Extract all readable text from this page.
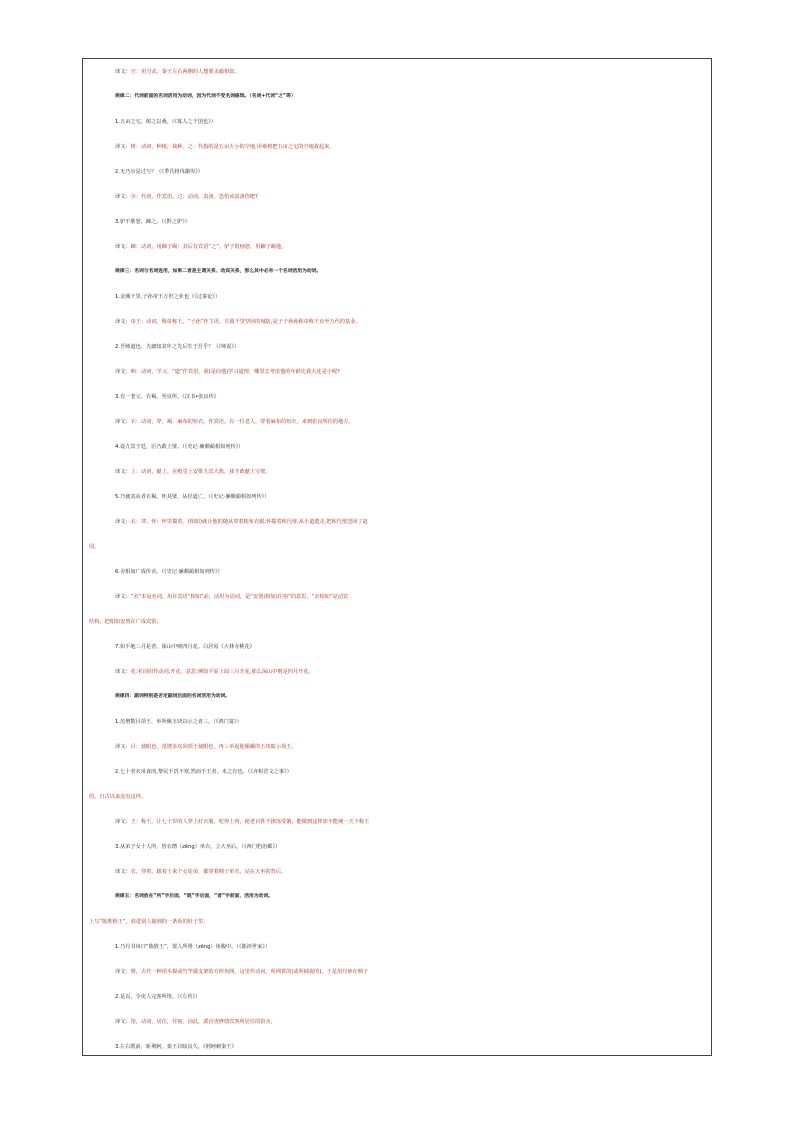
译文：刃：用刀杀。秦王左右两侧的人想要杀蔺相如。
规律二：代词前面的名词活用为动词，因为代词不受名词修饰。（名词+代词“之”等）
1.五亩之宅，树之以桑。（《寡人之于国也》）
译文：树：动词，种植，栽种。之：代指的是五亩大小的空地,用桑树把五亩之宅的空地栽起来。
2.无乃尔是过与？（《季氏将伐颛臾》）
译文：尔：代词，作宾语。过：动词，责备。恐怕该责备你吧?
3.驴不胜怒，蹄之。（《黔之驴》）
译文：蹄：动词，用蹄子踢；其后有宾语“之”。驴子很恼怒，用蹄子踢他。
规律三：名词与名词连用，如果二者是主谓关系、动宾关系，那么其中必有一个名词活用为动词。
1.金城千里,子孙帝王万世之业也（《过秦论》）
译文：帝王：动词，称帝称王。“子孙”作主语，方圆千里坚固的城防,是子子孙孙称帝称王直至万代的基业。
2.吾师道也，夫庸知其年之先后生于吾乎？（《师说》）
译文：师：动词，学习。“道”作宾语，我(是向他)学习道理，哪里去考虑他的年龄比我大还是小呢?
3.有一老父，衣褐，至良所。《汉书•张良传》
译文：衣：动词，穿。褐，麻布的短衣，作宾语。有一位老人，穿着麻布的短衣，来到张良所住的地方。
4.设九宾于廷，臣乃敢上璧。（《史记·廉颇蔺相如列传》）
译文：上：动词，献上。在殿堂上安排九宾大典，我才敢献上宝璧。
5.乃使其从者衣褐，怀其璧，从径道亡。（《史记·廉颇蔺相如列传》）
国。
译文：衣：穿。怀：怀里揣着。(相如)就让他的随从穿着粗布衣服,怀揣着和氏璧,从小道逃走,把和氏璧送回了赵
6.舍相如广成传舍。（《史记·廉颇蔺相如列传》）
结构。把相如安置在广成宾馆。
译文：“舍”本是名词，用在宾语“相如”前，活用为动词，是“安置(相如)住宿”的意思，“舍相如”是动宾
7.如平地三月花者，深山中则四月花。白居易《大林寺桃花》
译文：花:名词用作动词,开花。意思:例如平原上面三月开花,那么深山中则是四月开花。
规律四：副词特别是否定副词后面的名词活用为动词。
1.范增数目项王，举所佩玉玦以示之者三。（《鸿门宴》）
译文：目：使眼色。范增多次向项王使眼色，再三举起他佩戴的玉玦暗示项王。
2.七十者衣帛食肉,黎民不饥不寒,然而不王者，未之有也。（《齐桓晋文之事》）
的，自古以来没有这样。
译文：王：称王。让七十岁的人穿上好衣服，吃得上肉，使老百姓不挨冻受饿，能做到这样却不能统一天下称王
3.从弟子女十人所，皆衣缯（zēng）单衣，立大巫后。（《西门豹治邺》）
译文：衣，穿着。跟着十来个女徒弟，都穿着绸子单衣，站在大巫的背后。
规律五：名词放在“所”字后面，“既”字后面，“者”字前面，活用为动词。
1.乃丹书帛曰“陈胜王”，置人所罾（zēng）鱼腹中。（《陈涉世家》）
上写“陈胜称王”，放进别人捕到的一条鱼的肚子里。
译文：罾，古代一种用木棍或竹竿做支架的方形鱼网。这里作动词，所网着的(或所捕捉的)。于是用丹砂在绸子
2.是以，令吏人完客所馆。（《左传》）
译文：馆，动词，居住，住宿。因此，派官吏修缮宾客所居住的馆舍。
3.左右既前，斩荆轲。秦王目眩良久。《荆轲刺秦王》
